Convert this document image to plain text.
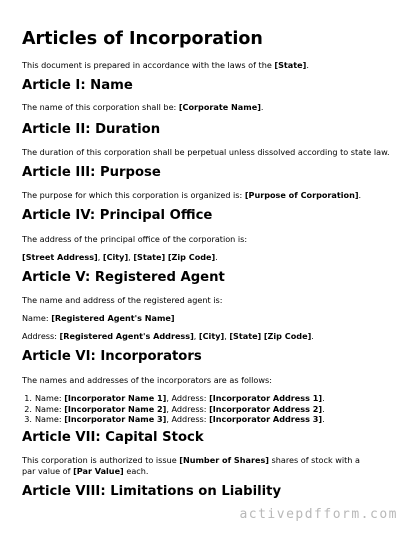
Articles of Incorporation

This document is prepared in accordance with the laws of the [State].

Article I: Name

The name of this corporation shall be: [Corporate Name].

Article II: Duration

The duration of this corporation shall be perpetual unless dissolved according to state law.

Article III: Purpose

The purpose for which this corporation is organized is: [Purpose of Corporation].

Article IV: Principal Office

The address of the principal office of the corporation is:

[Street Address], [City], [State] [Zip Code].

Article V: Registered Agent

The name and address of the registered agent is:

Name: [Registered Agent's Name]

Address: [Registered Agent's Address], [City], [State] [Zip Code].

Article VI: Incorporators

The names and addresses of the incorporators are as follows:

1. Name: [Incorporator Name 1], Address: [Incorporator Address 1].
2. Name: [Incorporator Name 2], Address: [Incorporator Address 2].
3. Name: [Incorporator Name 3], Address: [Incorporator Address 3].
Article VII: Capital Stock

This corporation is authorized to issue [Number of Shares] shares of stock with a par value of [Par Value] each.

Article VIII: Limitations on Liability
activepdfform.com
